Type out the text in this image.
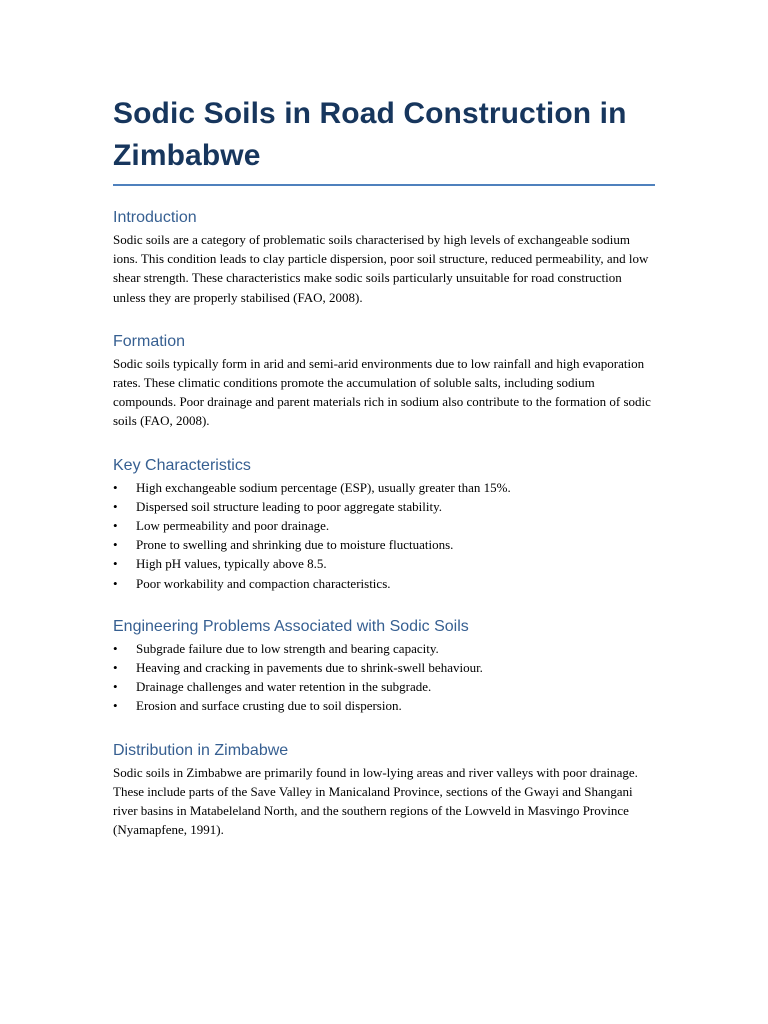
Sodic Soils in Road Construction in Zimbabwe
Introduction

Sodic soils are a category of problematic soils characterised by high levels of exchangeable sodium ions. This condition leads to clay particle dispersion, poor soil structure, reduced permeability, and low shear strength. These characteristics make sodic soils particularly unsuitable for road construction unless they are properly stabilised (FAO, 2008).

Formation

Sodic soils typically form in arid and semi-arid environments due to low rainfall and high evaporation rates. These climatic conditions promote the accumulation of soluble salts, including sodium compounds. Poor drainage and parent materials rich in sodium also contribute to the formation of sodic soils (FAO, 2008).

Key Characteristics
• High exchangeable sodium percentage (ESP), usually greater than 15%.
• Dispersed soil structure leading to poor aggregate stability.
• Low permeability and poor drainage.
• Prone to swelling and shrinking due to moisture fluctuations.
• High pH values, typically above 8.5.
• Poor workability and compaction characteristics.
Engineering Problems Associated with Sodic Soils
• Subgrade failure due to low strength and bearing capacity.
• Heaving and cracking in pavements due to shrink-swell behaviour.
• Drainage challenges and water retention in the subgrade.
• Erosion and surface crusting due to soil dispersion.
Distribution in Zimbabwe

Sodic soils in Zimbabwe are primarily found in low-lying areas and river valleys with poor drainage. These include parts of the Save Valley in Manicaland Province, sections of the Gwayi and Shangani river basins in Matabeleland North, and the southern regions of the Lowveld in Masvingo Province (Nyamapfene, 1991).
